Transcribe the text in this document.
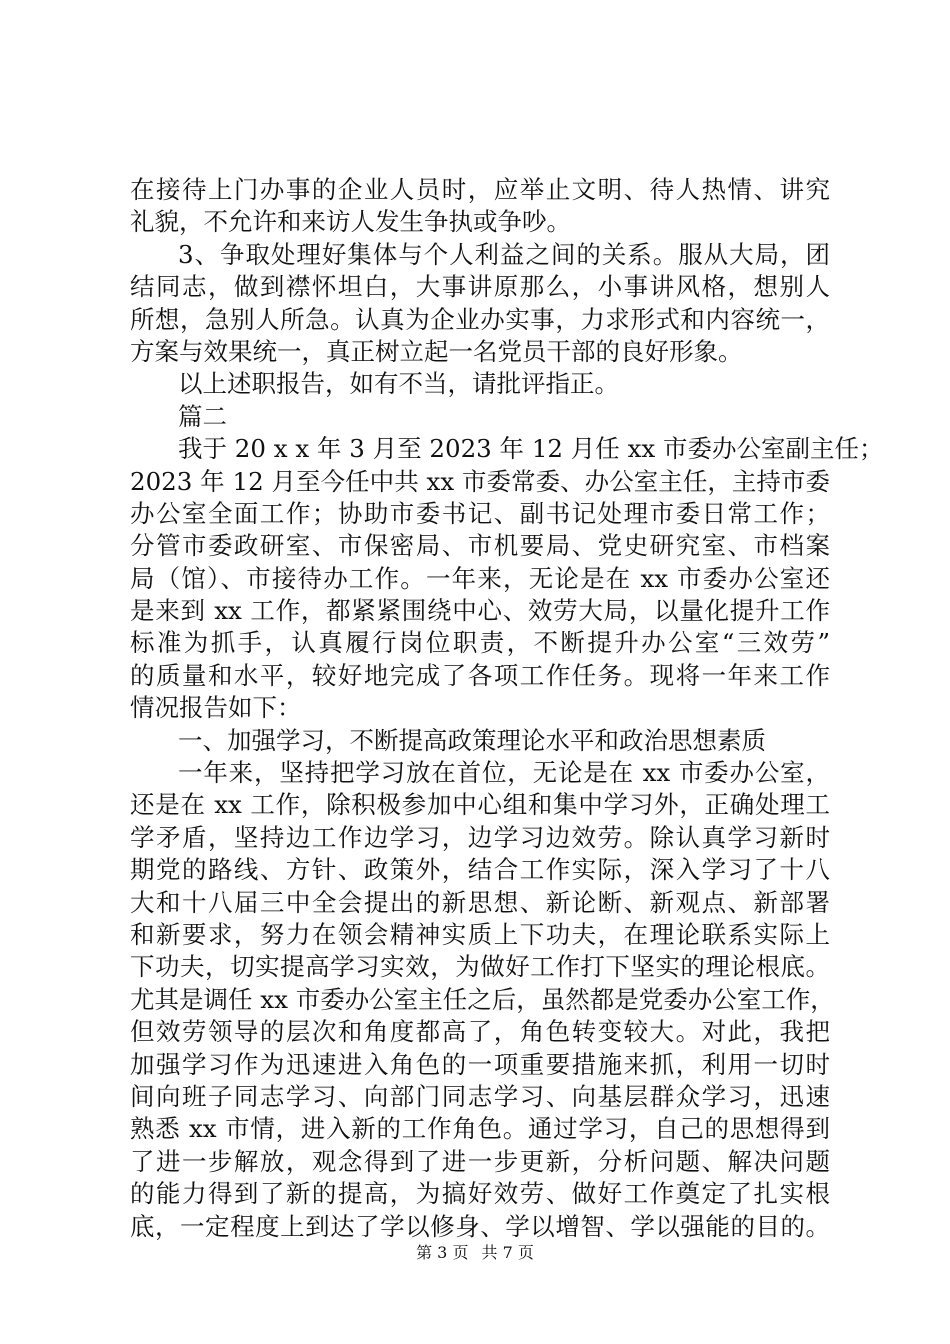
在接待上门办事的企业人员时，应举止文明、待人热情、讲究
礼貌，不允许和来访人发生争执或争吵。
3、争取处理好集体与个人利益之间的关系。服从大局，团
结同志，做到襟怀坦白，大事讲原那么，小事讲风格，想别人
所想，急别人所急。认真为企业办实事，力求形式和内容统一，
方案与效果统一，真正树立起一名党员干部的良好形象。
以上述职报告，如有不当，请批评指正。
篇二
我于 20 x x 年 3 月至 2023 年 12 月任 xx 市委办公室副主任；
2023 年 12 月至今任中共 xx 市委常委、办公室主任，主持市委
办公室全面工作；协助市委书记、副书记处理市委日常工作；
分管市委政研室、市保密局、市机要局、党史研究室、市档案
局（馆）、市接待办工作。一年来，无论是在 xx 市委办公室还
是来到 xx 工作，都紧紧围绕中心、效劳大局，以量化提升工作
标准为抓手，认真履行岗位职责，不断提升办公室“三效劳”
的质量和水平，较好地完成了各项工作任务。现将一年来工作
情况报告如下：
一、加强学习，不断提高政策理论水平和政治思想素质
一年来，坚持把学习放在首位，无论是在 xx 市委办公室，
还是在 xx 工作，除积极参加中心组和集中学习外，正确处理工
学矛盾，坚持边工作边学习，边学习边效劳。除认真学习新时
期党的路线、方针、政策外，结合工作实际，深入学习了十八
大和十八届三中全会提出的新思想、新论断、新观点、新部署
和新要求，努力在领会精神实质上下功夫，在理论联系实际上
下功夫，切实提高学习实效，为做好工作打下坚实的理论根底。
尤其是调任 xx 市委办公室主任之后，虽然都是党委办公室工作，
但效劳领导的层次和角度都高了，角色转变较大。对此，我把
加强学习作为迅速进入角色的一项重要措施来抓，利用一切时
间向班子同志学习、向部门同志学习、向基层群众学习，迅速
熟悉 xx 市情，进入新的工作角色。通过学习，自己的思想得到
了进一步解放，观念得到了进一步更新，分析问题、解决问题
的能力得到了新的提高，为搞好效劳、做好工作奠定了扎实根
底，一定程度上到达了学以修身、学以增智、学以强能的目的。
第 3 页 共 7 页
